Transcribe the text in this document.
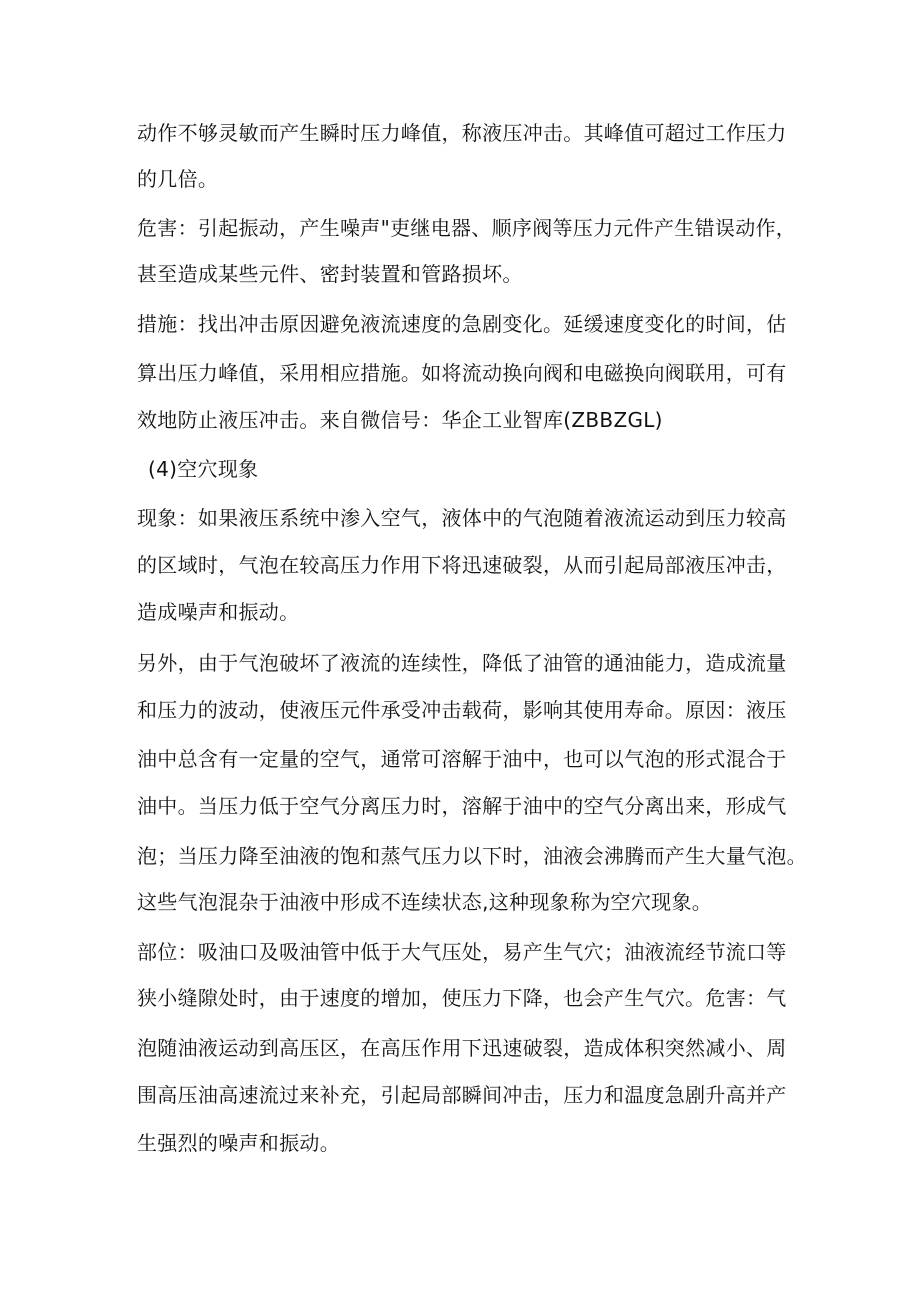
动作不够灵敏而产生瞬时压力峰值，称液压冲击。其峰值可超过工作压力
的几倍。
危害：引起振动，产生噪声"吏继电器、顺序阀等压力元件产生错误动作，
甚至造成某些元件、密封装置和管路损坏。
措施：找出冲击原因避免液流速度的急剧变化。延缓速度变化的时间，估
算出压力峰值，采用相应措施。如将流动换向阀和电磁换向阀联用，可有
效地防止液压冲击。来自微信号：华企工业智库(ZBBZGL)
(4)空穴现象
现象：如果液压系统中渗入空气，液体中的气泡随着液流运动到压力较高
的区域时，气泡在较高压力作用下将迅速破裂，从而引起局部液压冲击，
造成噪声和振动。
另外，由于气泡破坏了液流的连续性，降低了油管的通油能力，造成流量
和压力的波动，使液压元件承受冲击载荷，影响其使用寿命。原因：液压
油中总含有一定量的空气，通常可溶解于油中，也可以气泡的形式混合于
油中。当压力低于空气分离压力时，溶解于油中的空气分离出来，形成气
泡；当压力降至油液的饱和蒸气压力以下时，油液会沸腾而产生大量气泡。
这些气泡混杂于油液中形成不连续状态,这种现象称为空穴现象。
部位：吸油口及吸油管中低于大气压处，易产生气穴；油液流经节流口等
狭小缝隙处时，由于速度的增加，使压力下降，也会产生气穴。危害：气
泡随油液运动到高压区，在高压作用下迅速破裂，造成体积突然减小、周
围高压油高速流过来补充，引起局部瞬间冲击，压力和温度急剧升高并产
生强烈的噪声和振动。
